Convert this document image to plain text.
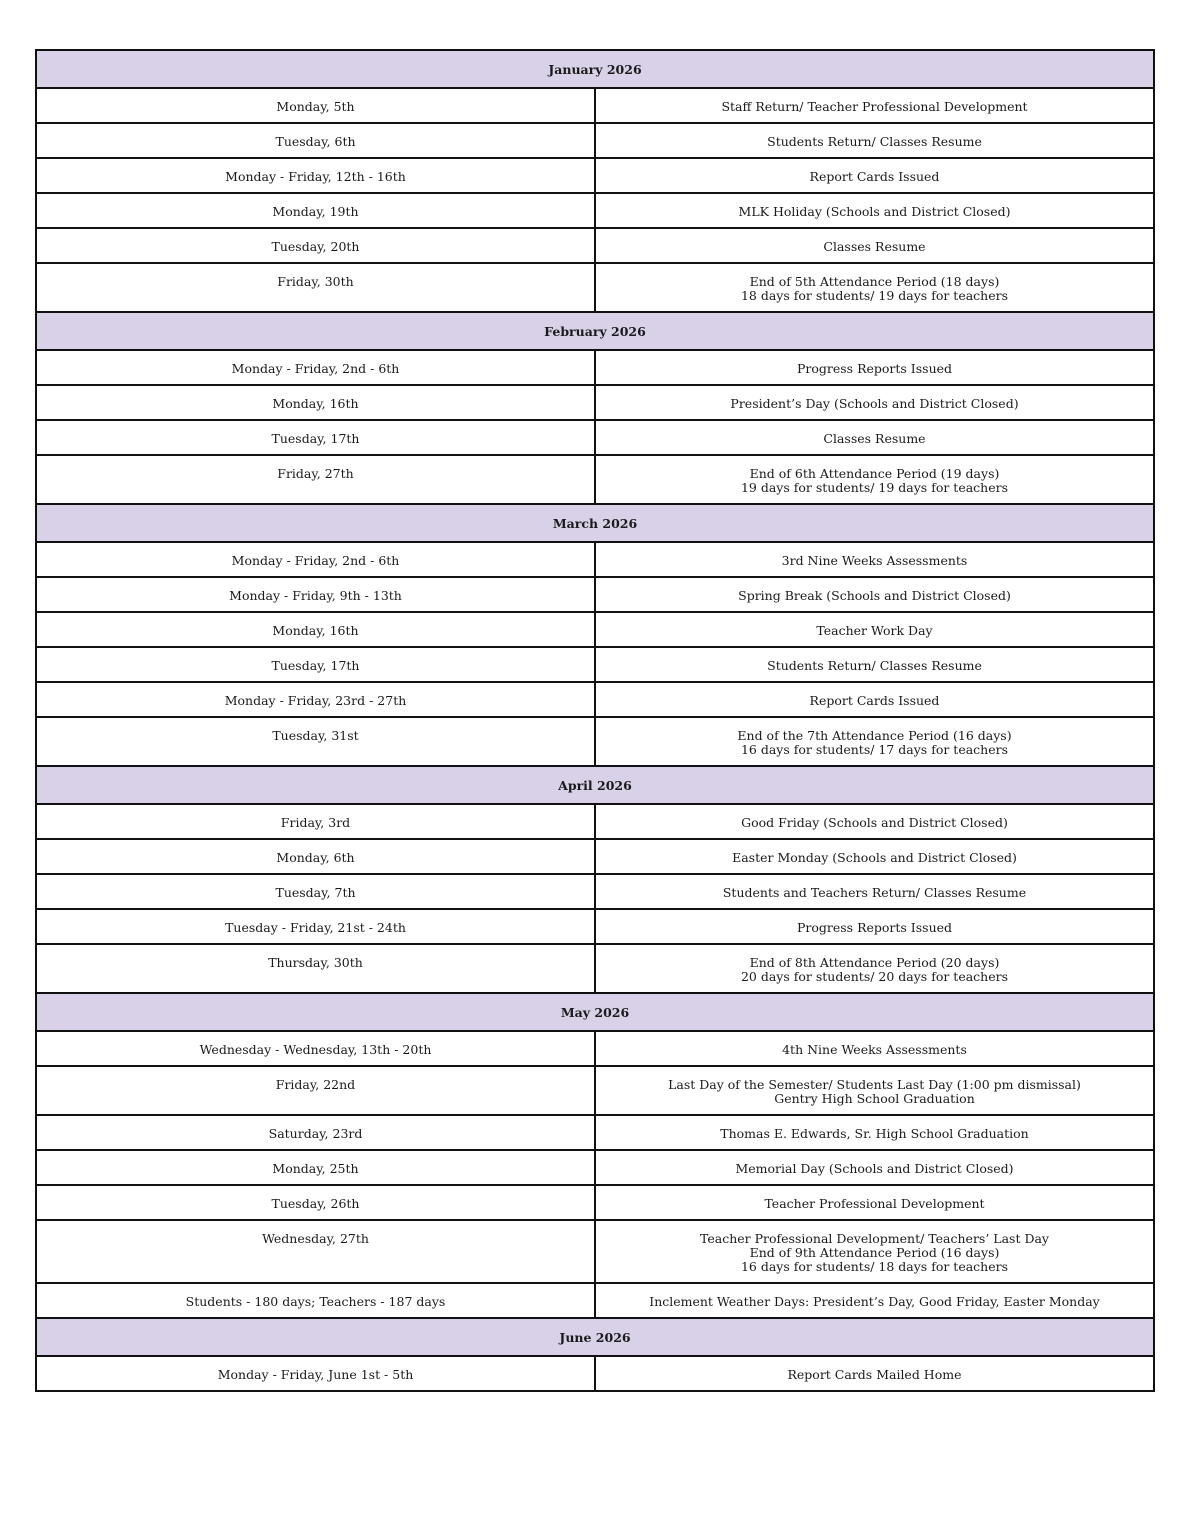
January 2026	
Monday, 5th	Staff Return/ Teacher Professional Development

Tuesday, 6th	Students Return/ Classes Resume

Monday - Friday, 12th - 16th	Report Cards Issued

Monday, 19th	MLK Holiday (Schools and District Closed)

Tuesday, 20th	Classes Resume

Friday, 30th	End of 5th Attendance Period (18 days)
18 days for students/ 19 days for teachers

February 2026	
Monday - Friday, 2nd - 6th	Progress Reports Issued

Monday, 16th	President’s Day (Schools and District Closed)

Tuesday, 17th	Classes Resume

Friday, 27th	End of 6th Attendance Period (19 days)
19 days for students/ 19 days for teachers

March 2026	
Monday - Friday, 2nd - 6th	3rd Nine Weeks Assessments

Monday - Friday, 9th - 13th	Spring Break (Schools and District Closed)

Monday, 16th	Teacher Work Day

Tuesday, 17th	Students Return/ Classes Resume

Monday - Friday, 23rd - 27th	Report Cards Issued

Tuesday, 31st	End of the 7th Attendance Period (16 days)
16 days for students/ 17 days for teachers

April 2026	
Friday, 3rd	Good Friday (Schools and District Closed)

Monday, 6th	Easter Monday (Schools and District Closed)

Tuesday, 7th	Students and Teachers Return/ Classes Resume

Tuesday - Friday, 21st - 24th	Progress Reports Issued

Thursday, 30th	End of 8th Attendance Period (20 days)
20 days for students/ 20 days for teachers

May 2026	
Wednesday - Wednesday, 13th - 20th	4th Nine Weeks Assessments

Friday, 22nd	Last Day of the Semester/ Students Last Day (1:00 pm dismissal)
Gentry High School Graduation

Saturday, 23rd	Thomas E. Edwards, Sr. High School Graduation

Monday, 25th	Memorial Day (Schools and District Closed)

Tuesday, 26th	Teacher Professional Development

Wednesday, 27th	Teacher Professional Development/ Teachers’ Last Day
End of 9th Attendance Period (16 days)
16 days for students/ 18 days for teachers

Students - 180 days; Teachers - 187 days	Inclement Weather Days: President’s Day, Good Friday, Easter Monday

June 2026	
Monday - Friday, June 1st - 5th	Report Cards Mailed Home
